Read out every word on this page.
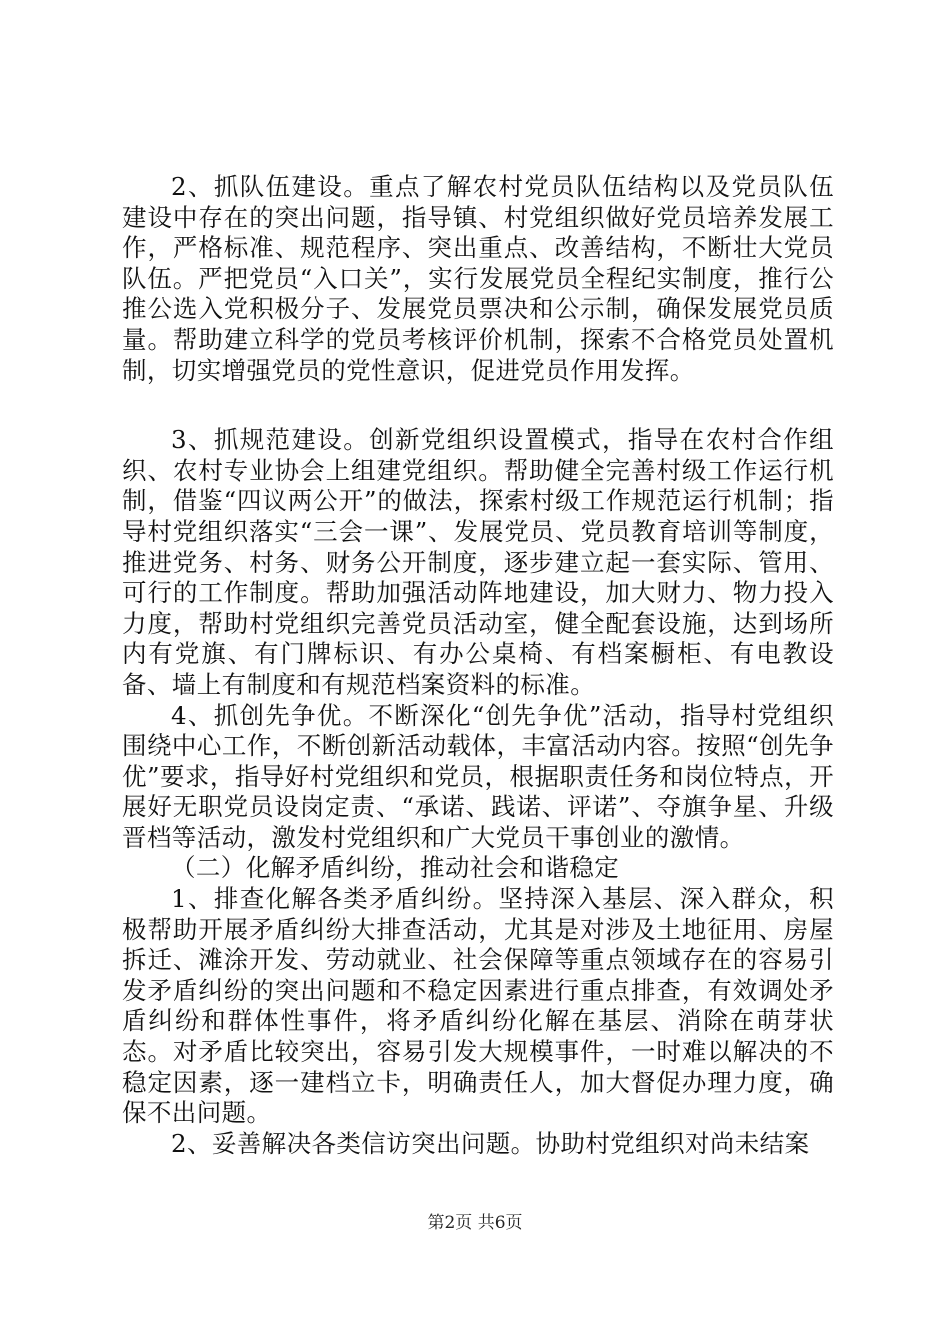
2、抓队伍建设。重点了解农村党员队伍结构以及党员队伍建设中存在的突出问题，指导镇、村党组织做好党员培养发展工作，严格标准、规范程序、突出重点、改善结构，不断壮大党员队伍。严把党员“入口关”，实行发展党员全程纪实制度，推行公推公选入党积极分子、发展党员票决和公示制，确保发展党员质量。帮助建立科学的党员考核评价机制，探索不合格党员处置机制，切实增强党员的党性意识，促进党员作用发挥。

3、抓规范建设。创新党组织设置模式，指导在农村合作组织、农村专业协会上组建党组织。帮助健全完善村级工作运行机制，借鉴“四议两公开”的做法，探索村级工作规范运行机制；指导村党组织落实“三会一课”、发展党员、党员教育培训等制度，推进党务、村务、财务公开制度，逐步建立起一套实际、管用、可行的工作制度。帮助加强活动阵地建设，加大财力、物力投入力度，帮助村党组织完善党员活动室，健全配套设施，达到场所内有党旗、有门牌标识、有办公桌椅、有档案橱柜、有电教设备、墙上有制度和有规范档案资料的标准。

4、抓创先争优。不断深化“创先争优”活动，指导村党组织围绕中心工作，不断创新活动载体，丰富活动内容。按照“创先争优”要求，指导好村党组织和党员，根据职责任务和岗位特点，开展好无职党员设岗定责、“承诺、践诺、评诺”、夺旗争星、升级晋档等活动，激发村党组织和广大党员干事创业的激情。

（二）化解矛盾纠纷，推动社会和谐稳定

1、排查化解各类矛盾纠纷。坚持深入基层、深入群众，积极帮助开展矛盾纠纷大排查活动，尤其是对涉及土地征用、房屋拆迁、滩涂开发、劳动就业、社会保障等重点领域存在的容易引发矛盾纠纷的突出问题和不稳定因素进行重点排查，有效调处矛盾纠纷和群体性事件，将矛盾纠纷化解在基层、消除在萌芽状态。对矛盾比较突出，容易引发大规模事件，一时难以解决的不稳定因素，逐一建档立卡，明确责任人，加大督促办理力度，确保不出问题。

2、妥善解决各类信访突出问题。协助村党组织对尚未结案

第2页 共6页
